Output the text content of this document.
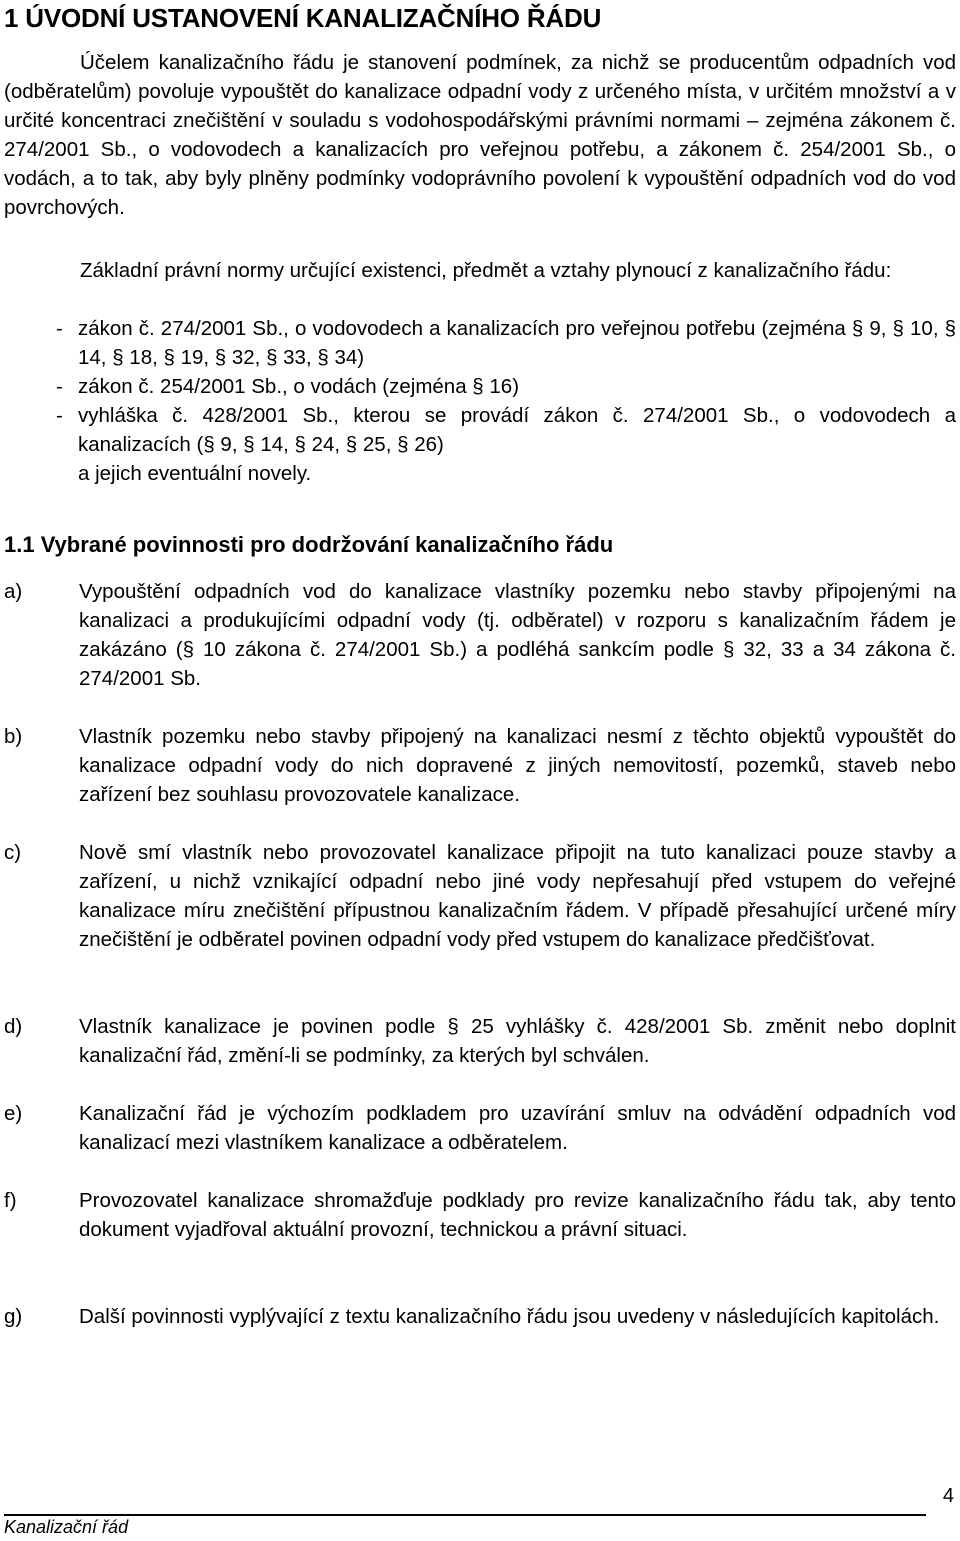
1 ÚVODNÍ USTANOVENÍ KANALIZAČNÍHO ŘÁDU

Účelem kanalizačního řádu je stanovení podmínek, za nichž se producentům odpadních vod (odběratelům) povoluje vypouštět do kanalizace odpadní vody z určeného místa, v určitém množství a v určité koncentraci znečištění v souladu s vodohospodářskými právními normami – zejména zákonem č. 274/2001 Sb., o vodovodech a kanalizacích pro veřejnou potřebu, a zákonem č. 254/2001 Sb., o vodách, a to tak, aby byly plněny podmínky vodoprávního povolení k vypouštění odpadních vod do vod povrchových.

Základní právní normy určující existenci, předmět a vztahy plynoucí z kanalizačního řádu:

- zákon č. 274/2001 Sb., o vodovodech a kanalizacích pro veřejnou potřebu (zejména § 9, § 10, § 14, § 18, § 19, § 32, § 33, § 34)
- zákon č. 254/2001 Sb., o vodách (zejména § 16)
- vyhláška č. 428/2001 Sb., kterou se provádí zákon č. 274/2001 Sb., o vodovodech a kanalizacích (§ 9, § 14, § 24, § 25, § 26)
a jejich eventuální novely.
1.1 Vybrané povinnosti pro dodržování kanalizačního řádu
a)	Vypouštění odpadních vod do kanalizace vlastníky pozemku nebo stavby připojenými na kanalizaci a produkujícími odpadní vody (tj. odběratel) v rozporu s kanalizačním řádem je zakázáno (§ 10 zákona č. 274/2001 Sb.) a podléhá sankcím podle § 32, 33 a 34 zákona č. 274/2001 Sb.
b)	Vlastník pozemku nebo stavby připojený na kanalizaci nesmí z těchto objektů vypouštět do kanalizace odpadní vody do nich dopravené z jiných nemovitostí, pozemků, staveb nebo zařízení bez souhlasu provozovatele kanalizace.
c)	Nově smí vlastník nebo provozovatel kanalizace připojit na tuto kanalizaci pouze stavby a zařízení, u nichž vznikající odpadní nebo jiné vody nepřesahují před vstupem do veřejné kanalizace míru znečištění přípustnou kanalizačním řádem. V případě přesahující určené míry znečištění je odběratel povinen odpadní vody před vstupem do kanalizace předčišťovat.
d)	Vlastník kanalizace je povinen podle § 25 vyhlášky č. 428/2001 Sb. změnit nebo doplnit kanalizační řád, změní-li se podmínky, za kterých byl schválen.
e)	Kanalizační řád je výchozím podkladem pro uzavírání smluv na odvádění odpadních vod kanalizací mezi vlastníkem kanalizace a odběratelem.
f)	Provozovatel kanalizace shromažďuje podklady pro revize kanalizačního řádu tak, aby tento dokument vyjadřoval aktuální provozní, technickou a právní situaci.
g)	Další povinnosti vyplývající z textu kanalizačního řádu jsou uvedeny v následujících kapitolách.
4
Kanalizační řád
